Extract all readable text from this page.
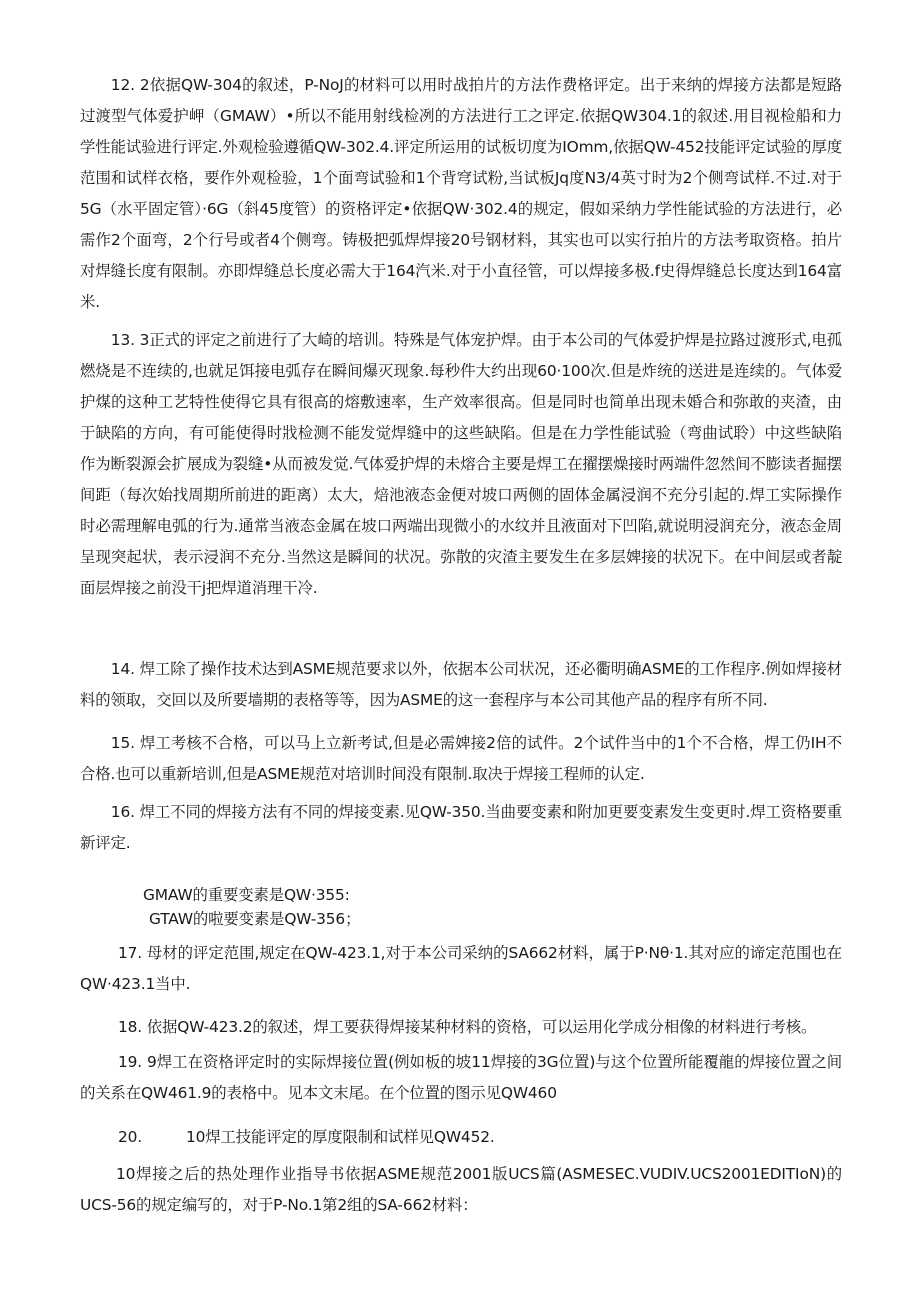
12. 2依据QW-304的叙述，P-NoJ的材料可以用时战拍片的方法作费格评定。出于来纳的焊接方法都是短路过渡型气体爱护岬（GMAW）•所以不能用射线检冽的方法进行工之评定.依据QW304.1的叙述.用目视检船和力学性能试验进行评定.外观检验遵循QW-302.4.评定所运用的试板切度为IOmm,依据QW-452技能评定试验的厚度范围和试样衣格，要作外观检验，1个面弯试验和1个背穹试粉,当试板Jq度N3/4英寸时为2个侧弯试样.不过.对于5G（水平固定管）·6G（斜45度管）的资格评定•依据QW·302.4的规定，假如采纳力学性能试验的方法进行，必需作2个面弯，2个行号或者4个侧弯。铸极把弧焊焊接20号钢材料，其实也可以实行拍片的方法考取资格。拍片对焊缝长度有限制。亦即焊缝总长度必需大于164汽米.对于小直径管，可以焊接多极.f史得焊缝总长度达到164富米.

13. 3正式的评定之前进行了大崎的培训。特殊是气体宠护焊。由于本公司的气体爱护焊是拉路过渡形式,电孤燃烧是不连续的,也就足饵接电弧存在瞬间爆灭现象.每秒件大约出现60·100次.但是炸统的送进是连续的。气体爱护煤的这种工艺特性使得它具有很高的熔敷速率，生产效率很高。但是同时也简单出现未婚合和弥敢的夹渣，由于缺陷的方向，有可能使得时戕检测不能发觉焊缝中的这些缺陷。但是在力学性能试验（弯曲试聆）中这些缺陷作为断裂源会扩展成为裂缝•从而被发觉.气体爱护焊的未熔合主要是焊工在擢摆燥接时两端件忽然间不膨读者掘摆间距（每次始找周期所前进的距离）太大，焙池液态金便对坡口两侧的固体金属浸润不充分引起的.焊工实际操作时必需理解电弧的行为.通常当液态金属在坡口两端出现微小的水纹并且液面对下凹陷,就说明浸润充分，液态金周呈现突起状，表示浸润不充分.当然这是瞬间的状况。弥散的灾渣主要发生在多层婢接的状况下。在中间层或者靛面层焊接之前没干j把焊道消理干冷.

14. 焊工除了操作技术达到ASME规范要求以外，依据本公司状况，还必衢明确ASME的工作程序.例如焊接材料的领取，交回以及所要墙期的表格等等，因为ASME的这一套程序与本公司其他产品的程序有所不同.

15. 焊工考核不合格，可以马上立新考试,但是必需婢接2倍的试件。2个试件当中的1个不合格，焊工仍IH不合格.也可以重新培训,但是ASME规范对培训时间没有限制.取决于焊接工程师的认定.

16. 焊工不同的焊接方法有不同的焊接变素.见QW-350.当曲要变素和附加更要变素发生变更时.焊工资格要重新评定.

GMAW的重要变素是QW·355:

GTAW的啦要变素是QW-356；

17. 母材的评定范围,规定在QW-423.1,对于本公司采纳的SA662材料，属于P·Nθ·1.其对应的谛定范围也在QW·423.1当中.

18. 依据QW-423.2的叙述，焊工要获得焊接某种材料的资格，可以运用化学成分相像的材料进行考核。

19. 9焊工在资格评定时的实际焊接位置(例如板的坡11焊接的3G位置)与这个位置所能覆龍的焊接位置之间的关系在QW461.9的表格中。见本文末尾。在个位置的图示见QW460

20.	10焊工技能评定的厚度限制和试样见QW452.

10焊接之后的热处理作业指导书依据ASME规范2001版UCS篇(ASMESEC.VUDIV.UCS2001EDITIoN)的UCS-56的规定编写的，对于P-No.1第2组的SA-662材料：
